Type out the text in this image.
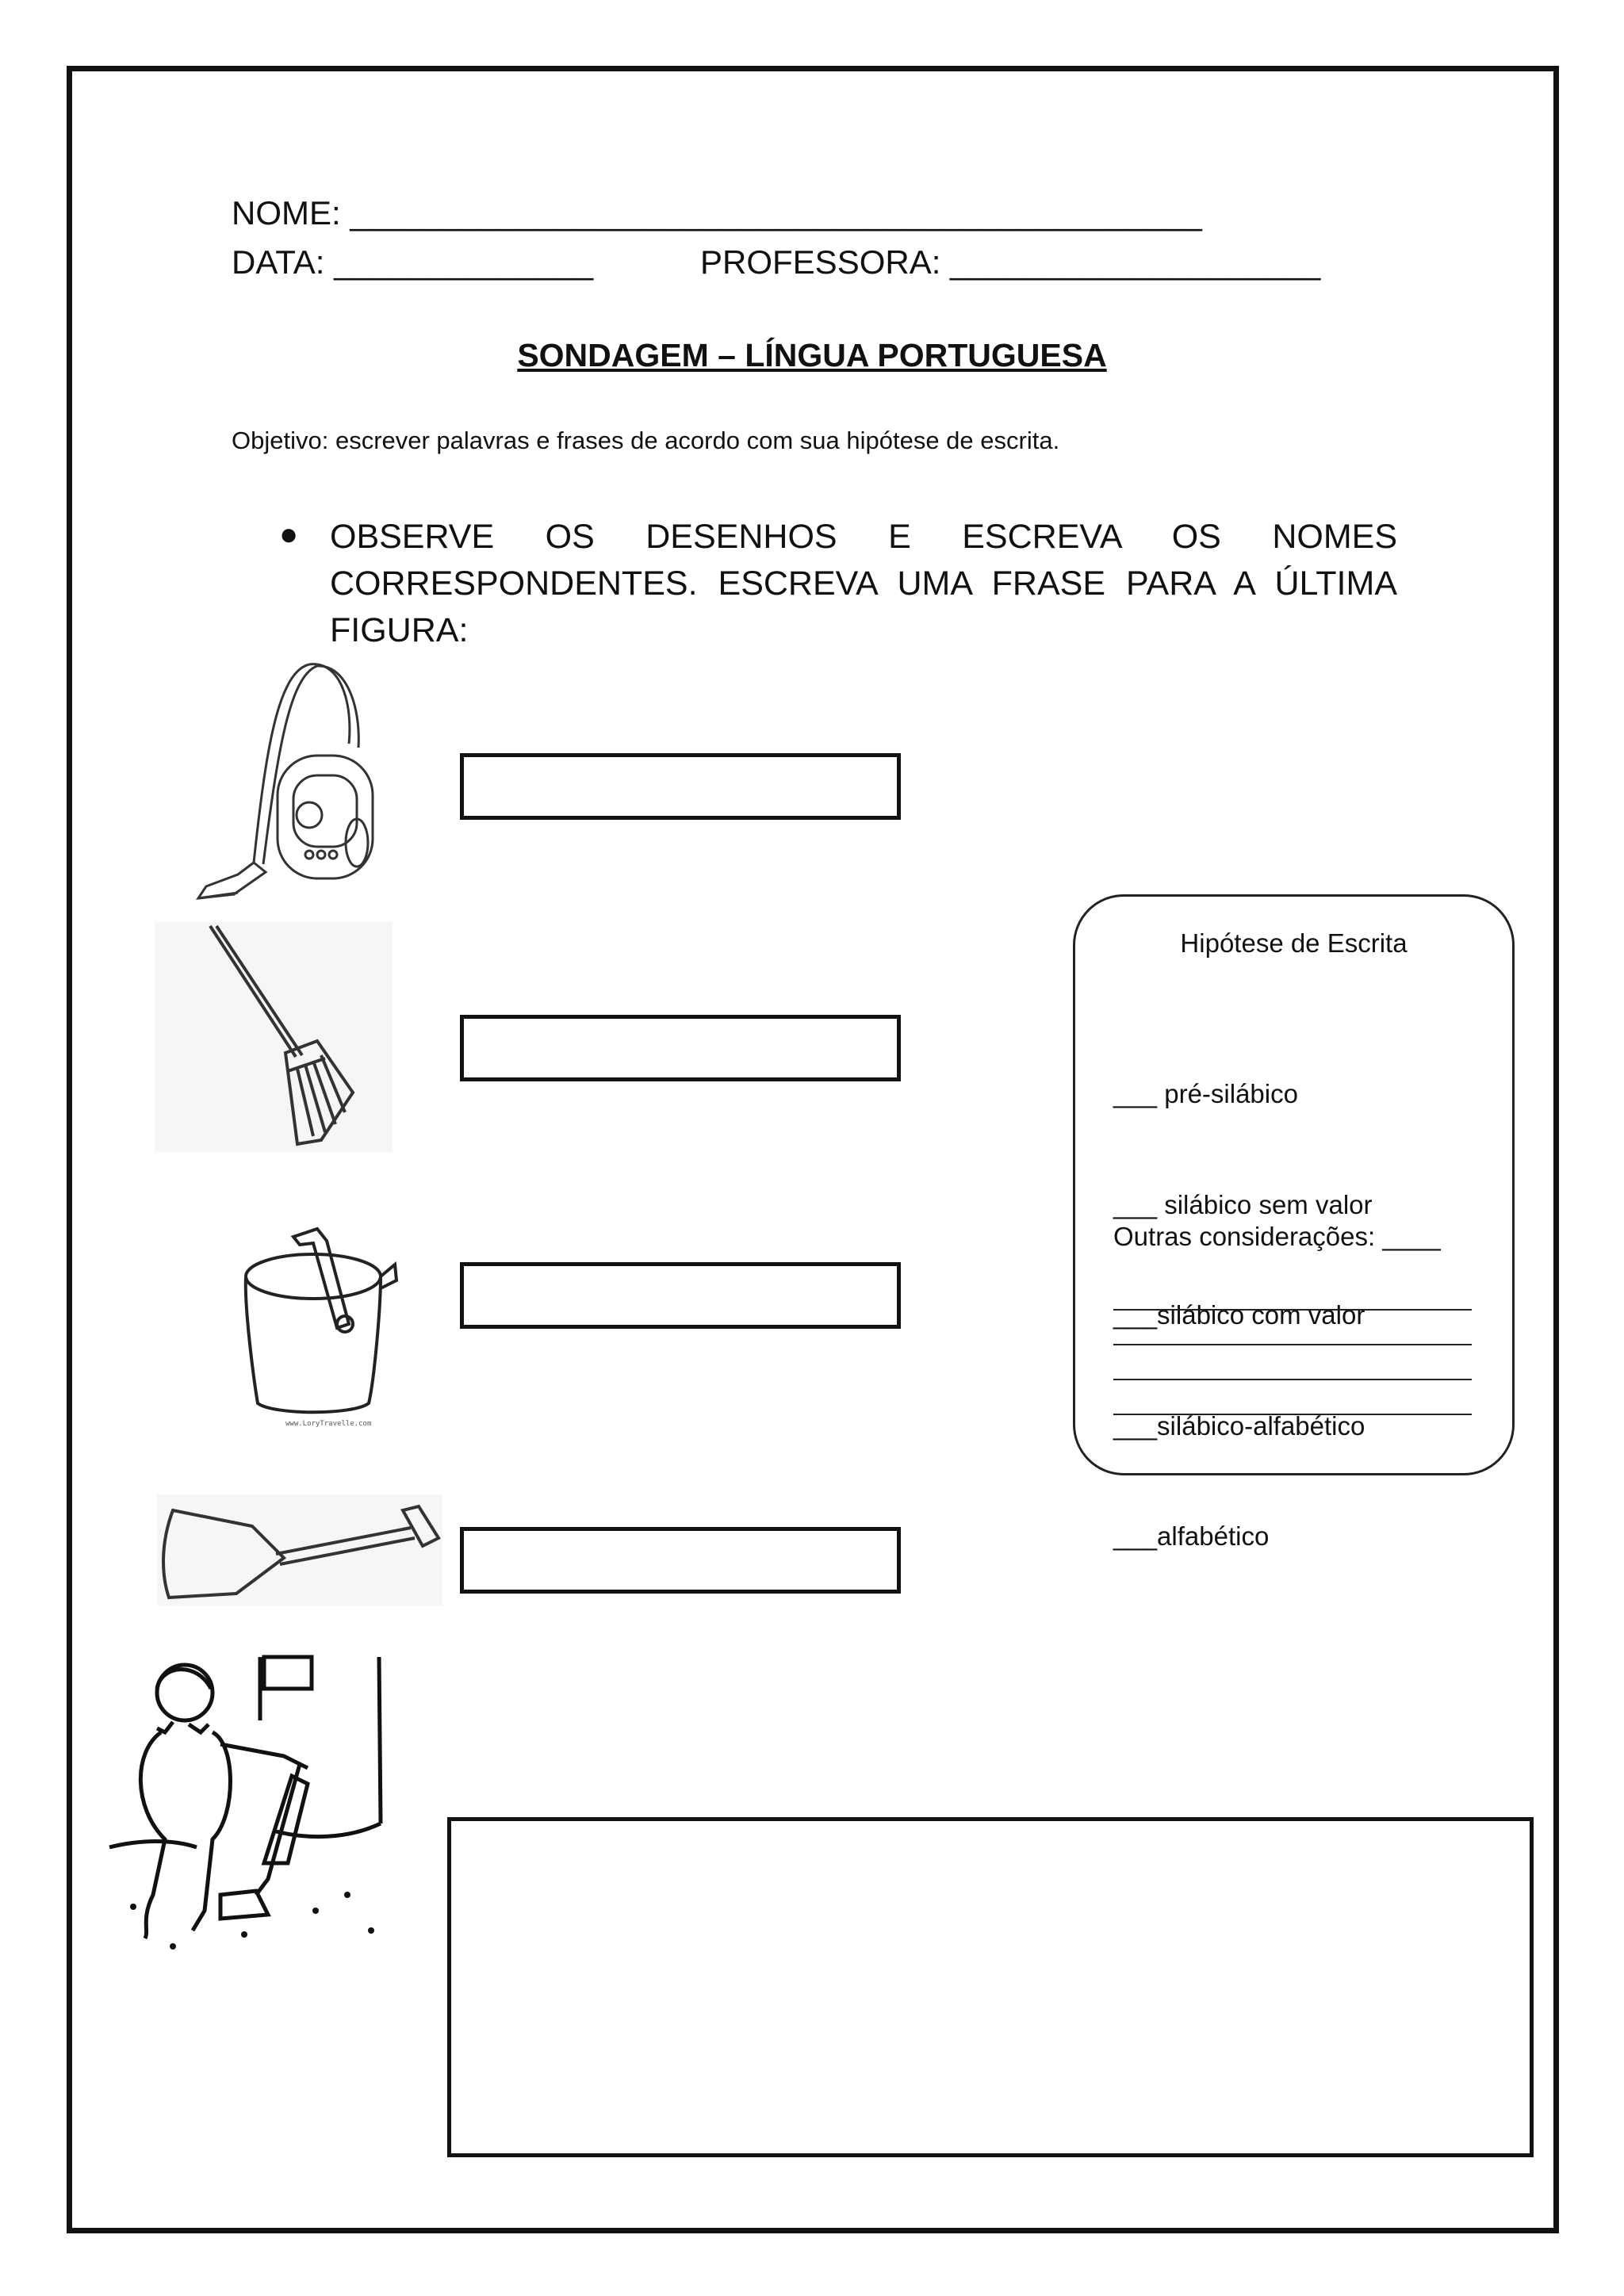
NOME: ______________________________________________
DATA: ______________	PROFESSORA: ____________________
SONDAGEM – LÍNGUA PORTUGUESA
Objetivo: escrever palavras e frases de acordo com sua hipótese de escrita.
● OBSERVE OS DESENHOS E ESCREVA OS NOMES CORRESPONDENTES. ESCREVA UMA FRASE PARA A ÚLTIMA FIGURA:
www.LoryTravelle.com
Hipótese de Escrita

___ pré-silábico

___ silábico sem valor

___silábico com valor

___silábico-alfabético

___alfabético

Outras considerações: ____
